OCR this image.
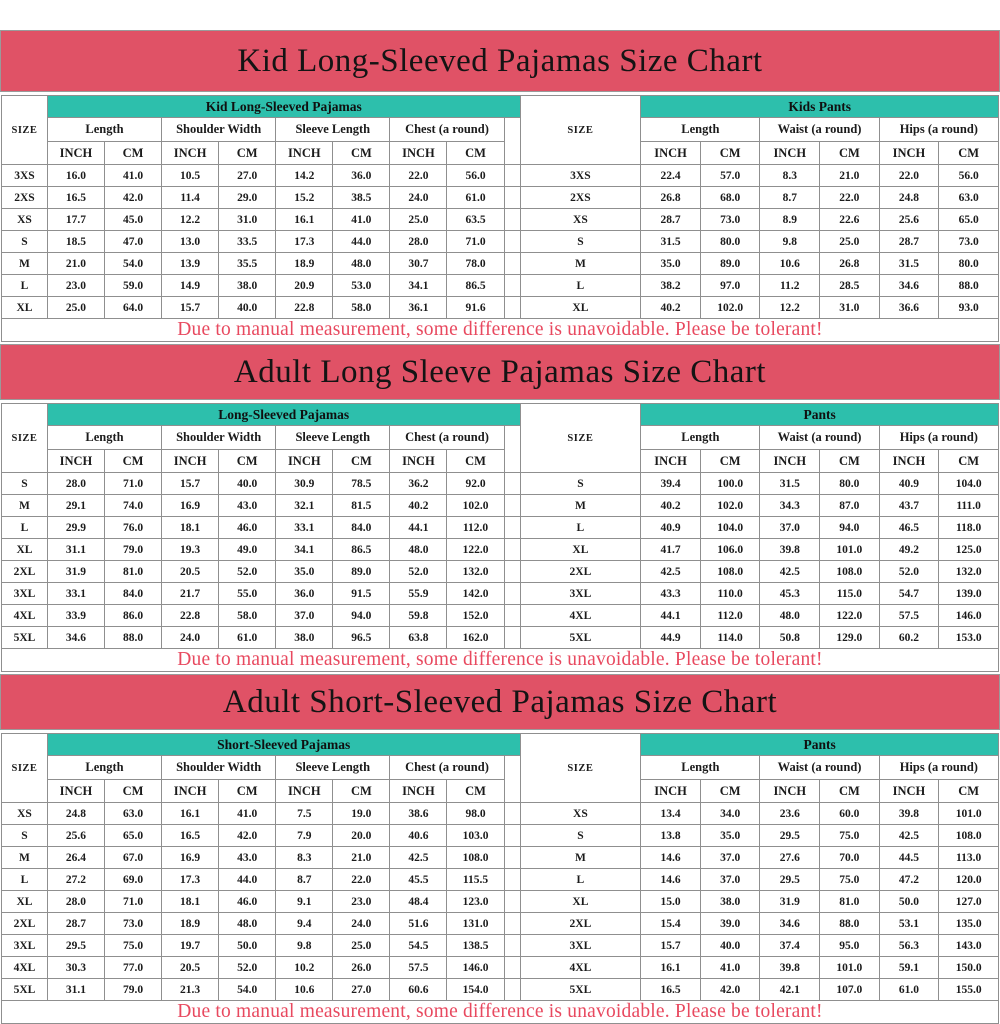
Kid Long-Sleeved Pajamas Size Chart
SIZE	Kid Long-Sleeved Pajamas									SIZE	Kids Pants					
	Length		Shoulder Width		Sleeve Length		Chest (a round)				Length		Waist (a round)		Hips (a round)	
	INCH	CM	INCH	CM	INCH	CM	INCH	CM			INCH	CM	INCH	CM	INCH	CM
3XS	16.0	41.0	10.5	27.0	14.2	36.0	22.0	56.0		3XS	22.4	57.0	8.3	21.0	22.0	56.0
2XS	16.5	42.0	11.4	29.0	15.2	38.5	24.0	61.0		2XS	26.8	68.0	8.7	22.0	24.8	63.0
XS	17.7	45.0	12.2	31.0	16.1	41.0	25.0	63.5		XS	28.7	73.0	8.9	22.6	25.6	65.0
S	18.5	47.0	13.0	33.5	17.3	44.0	28.0	71.0		S	31.5	80.0	9.8	25.0	28.7	73.0
M	21.0	54.0	13.9	35.5	18.9	48.0	30.7	78.0		M	35.0	89.0	10.6	26.8	31.5	80.0
L	23.0	59.0	14.9	38.0	20.9	53.0	34.1	86.5		L	38.2	97.0	11.2	28.5	34.6	88.0
XL	25.0	64.0	15.7	40.0	22.8	58.0	36.1	91.6		XL	40.2	102.0	12.2	31.0	36.6	93.0
Due to manual measurement, some difference is unavoidable. Please be tolerant!																
Adult Long Sleeve Pajamas Size Chart
SIZE	Long-Sleeved Pajamas									SIZE	Pants					
	Length		Shoulder Width		Sleeve Length		Chest (a round)				Length		Waist (a round)		Hips (a round)	
	INCH	CM	INCH	CM	INCH	CM	INCH	CM			INCH	CM	INCH	CM	INCH	CM
S	28.0	71.0	15.7	40.0	30.9	78.5	36.2	92.0		S	39.4	100.0	31.5	80.0	40.9	104.0
M	29.1	74.0	16.9	43.0	32.1	81.5	40.2	102.0		M	40.2	102.0	34.3	87.0	43.7	111.0
L	29.9	76.0	18.1	46.0	33.1	84.0	44.1	112.0		L	40.9	104.0	37.0	94.0	46.5	118.0
XL	31.1	79.0	19.3	49.0	34.1	86.5	48.0	122.0		XL	41.7	106.0	39.8	101.0	49.2	125.0
2XL	31.9	81.0	20.5	52.0	35.0	89.0	52.0	132.0		2XL	42.5	108.0	42.5	108.0	52.0	132.0
3XL	33.1	84.0	21.7	55.0	36.0	91.5	55.9	142.0		3XL	43.3	110.0	45.3	115.0	54.7	139.0
4XL	33.9	86.0	22.8	58.0	37.0	94.0	59.8	152.0		4XL	44.1	112.0	48.0	122.0	57.5	146.0
5XL	34.6	88.0	24.0	61.0	38.0	96.5	63.8	162.0		5XL	44.9	114.0	50.8	129.0	60.2	153.0
Due to manual measurement, some difference is unavoidable. Please be tolerant!																
Adult Short-Sleeved Pajamas Size Chart
SIZE	Short-Sleeved Pajamas									SIZE	Pants					
	Length		Shoulder Width		Sleeve Length		Chest (a round)				Length		Waist (a round)		Hips (a round)	
	INCH	CM	INCH	CM	INCH	CM	INCH	CM			INCH	CM	INCH	CM	INCH	CM
XS	24.8	63.0	16.1	41.0	7.5	19.0	38.6	98.0		XS	13.4	34.0	23.6	60.0	39.8	101.0
S	25.6	65.0	16.5	42.0	7.9	20.0	40.6	103.0		S	13.8	35.0	29.5	75.0	42.5	108.0
M	26.4	67.0	16.9	43.0	8.3	21.0	42.5	108.0		M	14.6	37.0	27.6	70.0	44.5	113.0
L	27.2	69.0	17.3	44.0	8.7	22.0	45.5	115.5		L	14.6	37.0	29.5	75.0	47.2	120.0
XL	28.0	71.0	18.1	46.0	9.1	23.0	48.4	123.0		XL	15.0	38.0	31.9	81.0	50.0	127.0
2XL	28.7	73.0	18.9	48.0	9.4	24.0	51.6	131.0		2XL	15.4	39.0	34.6	88.0	53.1	135.0
3XL	29.5	75.0	19.7	50.0	9.8	25.0	54.5	138.5		3XL	15.7	40.0	37.4	95.0	56.3	143.0
4XL	30.3	77.0	20.5	52.0	10.2	26.0	57.5	146.0		4XL	16.1	41.0	39.8	101.0	59.1	150.0
5XL	31.1	79.0	21.3	54.0	10.6	27.0	60.6	154.0		5XL	16.5	42.0	42.1	107.0	61.0	155.0
Due to manual measurement, some difference is unavoidable. Please be tolerant!																
